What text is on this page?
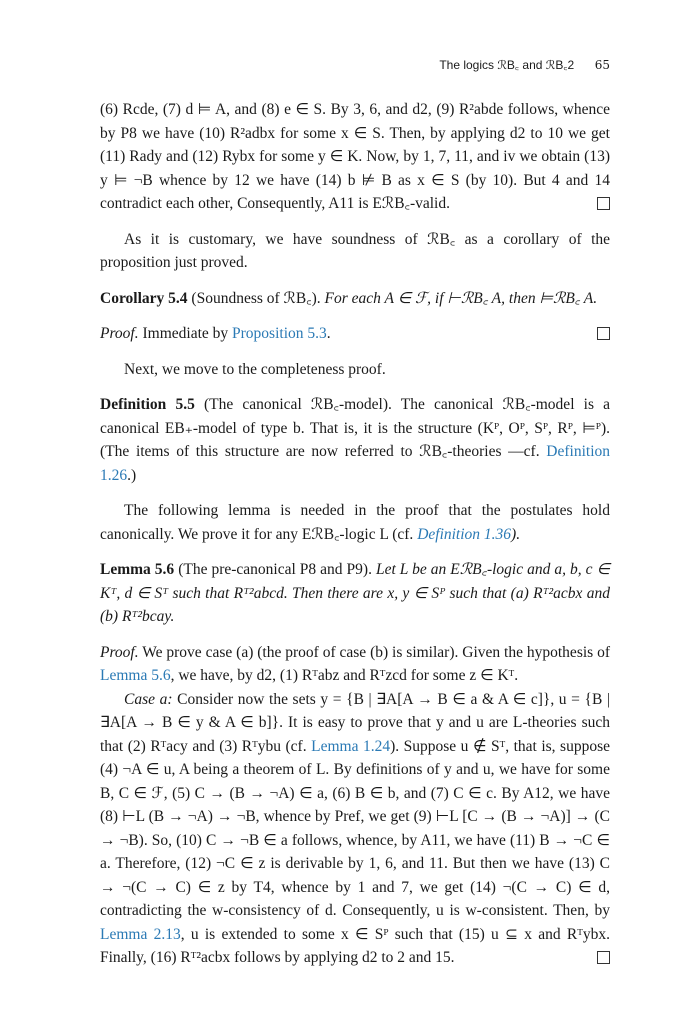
The logics ℛB꜀ and ℛB꜀2 65

(6) Rcde, (7) d ⊨ A, and (8) e ∈ S. By 3, 6, and d2, (9) R²abde follows, whence by P8 we have (10) R²adbx for some x ∈ S. Then, by applying d2 to 10 we get (11) Rady and (12) Rybx for some y ∈ K. Now, by 1, 7, 11, and iv we obtain (13) y ⊨ ¬B whence by 12 we have (14) b ⊭ B as x ∈ S (by 10). But 4 and 14 contradict each other, Consequently, A11 is EℛB꜀-valid.

As it is customary, we have soundness of ℛB꜀ as a corollary of the proposition just proved.

Corollary 5.4 (Soundness of ℛB꜀). For each A ∈ ℱ, if ⊢ℛB꜀ A, then ⊨ℛB꜀ A.

Proof. Immediate by Proposition 5.3.

Next, we move to the completeness proof.

Definition 5.5 (The canonical ℛB꜀-model). The canonical ℛB꜀-model is a canonical EB₊-model of type b. That is, it is the structure (Kᴾ, Oᴾ, Sᴾ, Rᴾ, ⊨ᴾ). (The items of this structure are now referred to ℛB꜀-theories —cf. Definition 1.26.)

The following lemma is needed in the proof that the postulates hold canonically. We prove it for any EℛB꜀-logic L (cf. Definition 1.36).

Lemma 5.6 (The pre-canonical P8 and P9). Let L be an EℛB꜀-logic and a, b, c ∈ Kᵀ, d ∈ Sᵀ such that Rᵀ²abcd. Then there are x, y ∈ Sᴾ such that (a) Rᵀ²acbx and (b) Rᵀ²bcay.

Proof. We prove case (a) (the proof of case (b) is similar). Given the hypothesis of Lemma 5.6, we have, by d2, (1) Rᵀabz and Rᵀzcd for some z ∈ Kᵀ.

Case a: Consider now the sets y = {B | ∃A[A → B ∈ a & A ∈ c]}, u = {B | ∃A[A → B ∈ y & A ∈ b]}. It is easy to prove that y and u are L-theories such that (2) Rᵀacy and (3) Rᵀybu (cf. Lemma 1.24). Suppose u ∉ Sᵀ, that is, suppose (4) ¬A ∈ u, A being a theorem of L. By definitions of y and u, we have for some B, C ∈ ℱ, (5) C → (B → ¬A) ∈ a, (6) B ∈ b, and (7) C ∈ c. By A12, we have (8) ⊢L (B → ¬A) → ¬B, whence by Pref, we get (9) ⊢L [C → (B → ¬A)] → (C → ¬B). So, (10) C → ¬B ∈ a follows, whence, by A11, we have (11) B → ¬C ∈ a. Therefore, (12) ¬C ∈ z is derivable by 1, 6, and 11. But then we have (13) C → ¬(C → C) ∈ z by T4, whence by 1 and 7, we get (14) ¬(C → C) ∈ d, contradicting the w-consistency of d. Consequently, u is w-consistent. Then, by Lemma 2.13, u is extended to some x ∈ Sᴾ such that (15) u ⊆ x and Rᵀybx. Finally, (16) Rᵀ²acbx follows by applying d2 to 2 and 15.
